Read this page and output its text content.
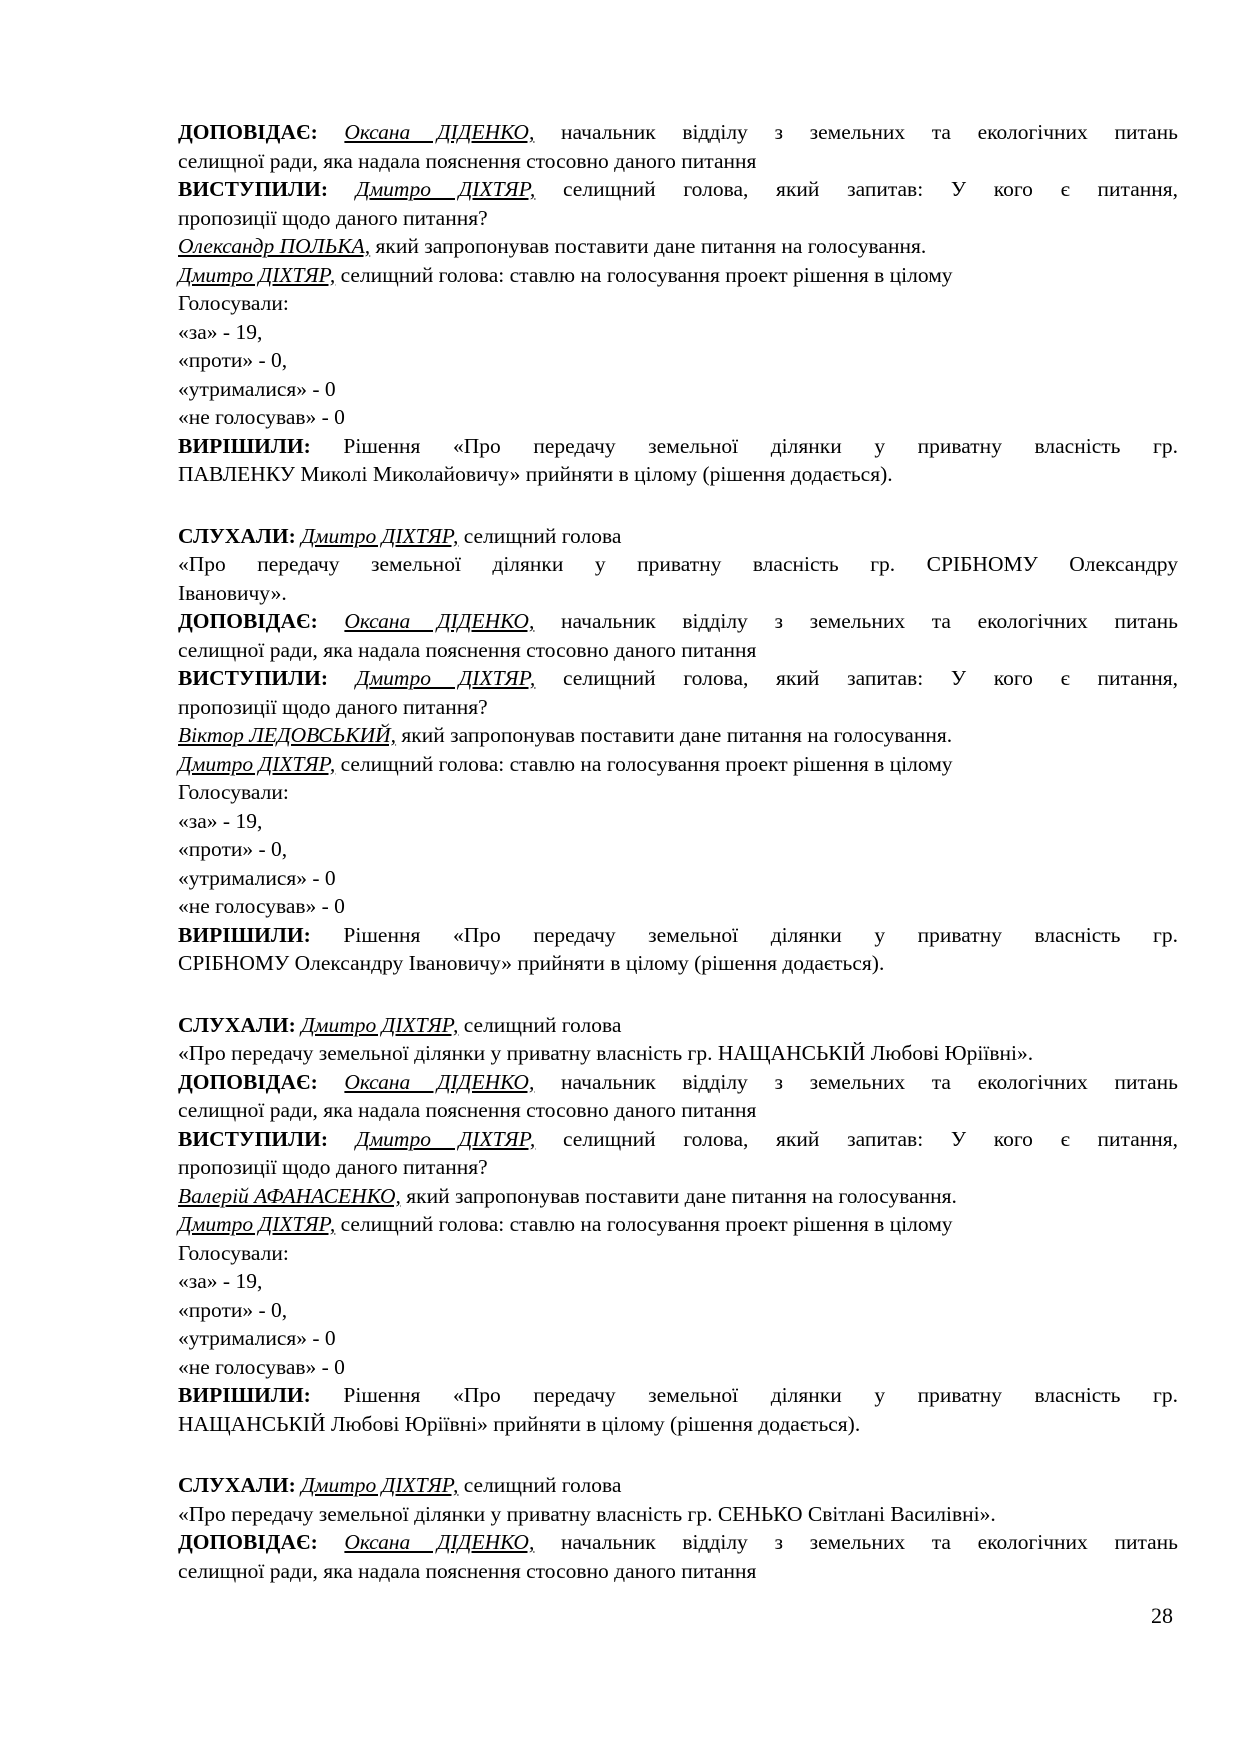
ДОПОВІДАЄ: Оксана ДІДЕНКО, начальник відділу з земельних та екологічних питань
селищної ради, яка надала пояснення стосовно даного питання
ВИСТУПИЛИ: Дмитро ДІХТЯР, селищний голова, який запитав: У кого є питання,
пропозиції щодо даного питання?
Олександр ПОЛЬКА, який запропонував поставити дане питання на голосування.
Дмитро ДІХТЯР, селищний голова: ставлю на голосування проект рішення в цілому
Голосували:
«за» - 19,
«проти» - 0,
«утрималися» - 0
«не голосував» - 0
ВИРІШИЛИ: Рішення «Про передачу земельної ділянки у приватну власність гр.
ПАВЛЕНКУ Миколі Миколайовичу» прийняти в цілому (рішення додається).
СЛУХАЛИ: Дмитро ДІХТЯР, селищний голова
«Про передачу земельної ділянки у приватну власність гр. СРІБНОМУ Олександру
Івановичу».
ДОПОВІДАЄ: Оксана ДІДЕНКО, начальник відділу з земельних та екологічних питань
селищної ради, яка надала пояснення стосовно даного питання
ВИСТУПИЛИ: Дмитро ДІХТЯР, селищний голова, який запитав: У кого є питання,
пропозиції щодо даного питання?
Віктор ЛЕДОВСЬКИЙ, який запропонував поставити дане питання на голосування.
Дмитро ДІХТЯР, селищний голова: ставлю на голосування проект рішення в цілому
Голосували:
«за» - 19,
«проти» - 0,
«утрималися» - 0
«не голосував» - 0
ВИРІШИЛИ: Рішення «Про передачу земельної ділянки у приватну власність гр.
СРІБНОМУ Олександру Івановичу» прийняти в цілому (рішення додається).
СЛУХАЛИ: Дмитро ДІХТЯР, селищний голова
«Про передачу земельної ділянки у приватну власність гр. НАЩАНСЬКІЙ Любові Юріївні».
ДОПОВІДАЄ: Оксана ДІДЕНКО, начальник відділу з земельних та екологічних питань
селищної ради, яка надала пояснення стосовно даного питання
ВИСТУПИЛИ: Дмитро ДІХТЯР, селищний голова, який запитав: У кого є питання,
пропозиції щодо даного питання?
Валерій АФАНАСЕНКО, який запропонував поставити дане питання на голосування.
Дмитро ДІХТЯР, селищний голова: ставлю на голосування проект рішення в цілому
Голосували:
«за» - 19,
«проти» - 0,
«утрималися» - 0
«не голосував» - 0
ВИРІШИЛИ: Рішення «Про передачу земельної ділянки у приватну власність гр.
НАЩАНСЬКІЙ Любові Юріївні» прийняти в цілому (рішення додається).
СЛУХАЛИ: Дмитро ДІХТЯР, селищний голова
«Про передачу земельної ділянки у приватну власність гр. СЕНЬКО Світлані Василівні».
ДОПОВІДАЄ: Оксана ДІДЕНКО, начальник відділу з земельних та екологічних питань
селищної ради, яка надала пояснення стосовно даного питання
28
